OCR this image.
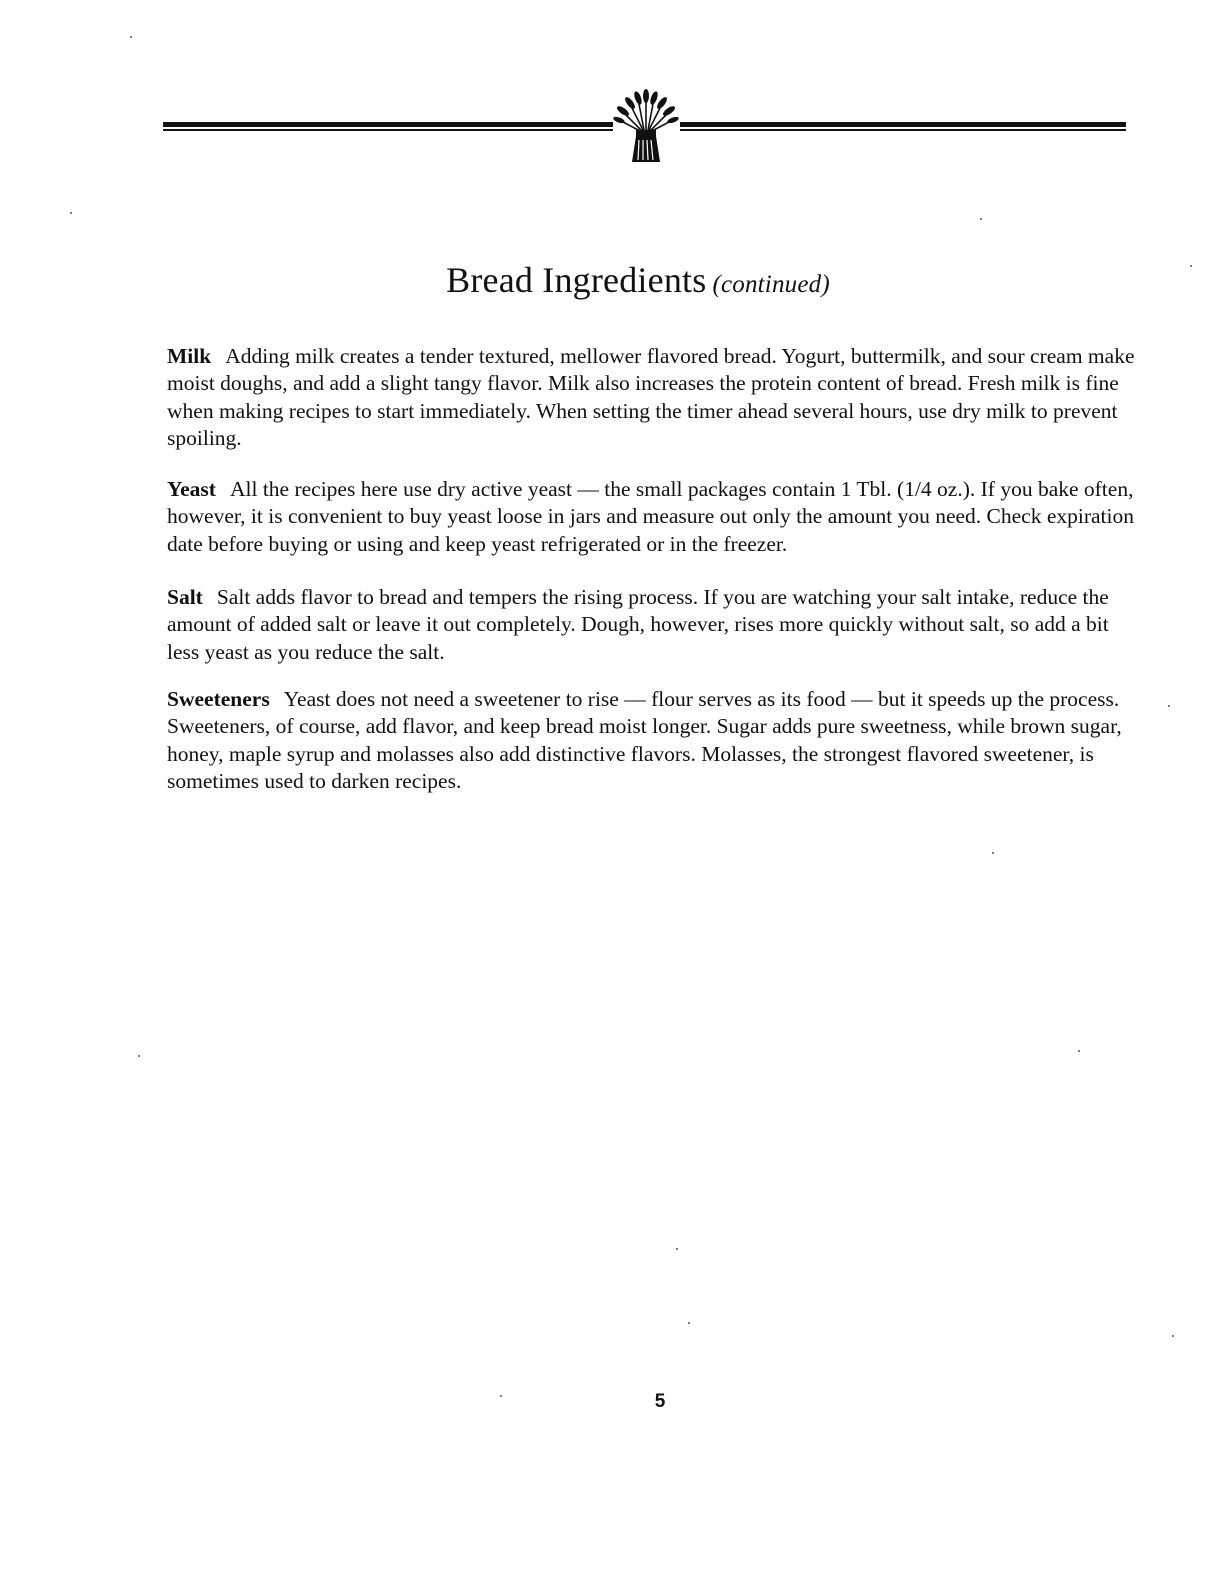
Bread Ingredients (continued)
Milk Adding milk creates a tender textured, mellower flavored bread. Yogurt, buttermilk, and sour cream make moist doughs, and add a slight tangy flavor. Milk also increases the protein content of bread. Fresh milk is fine when making recipes to start immediately. When setting the timer ahead several hours, use dry milk to prevent spoiling.
Yeast All the recipes here use dry active yeast — the small packages contain 1 Tbl. (1/4 oz.). If you bake often, however, it is convenient to buy yeast loose in jars and measure out only the amount you need. Check expiration date before buying or using and keep yeast refrigerated or in the freezer.
Salt Salt adds flavor to bread and tempers the rising process. If you are watching your salt intake, reduce the amount of added salt or leave it out completely. Dough, however, rises more quickly without salt, so add a bit less yeast as you reduce the salt.
Sweeteners Yeast does not need a sweetener to rise — flour serves as its food — but it speeds up the process. Sweeteners, of course, add flavor, and keep bread moist longer. Sugar adds pure sweetness, while brown sugar, honey, maple syrup and molasses also add distinctive flavors. Molasses, the strongest flavored sweetener, is sometimes used to darken recipes.
5
